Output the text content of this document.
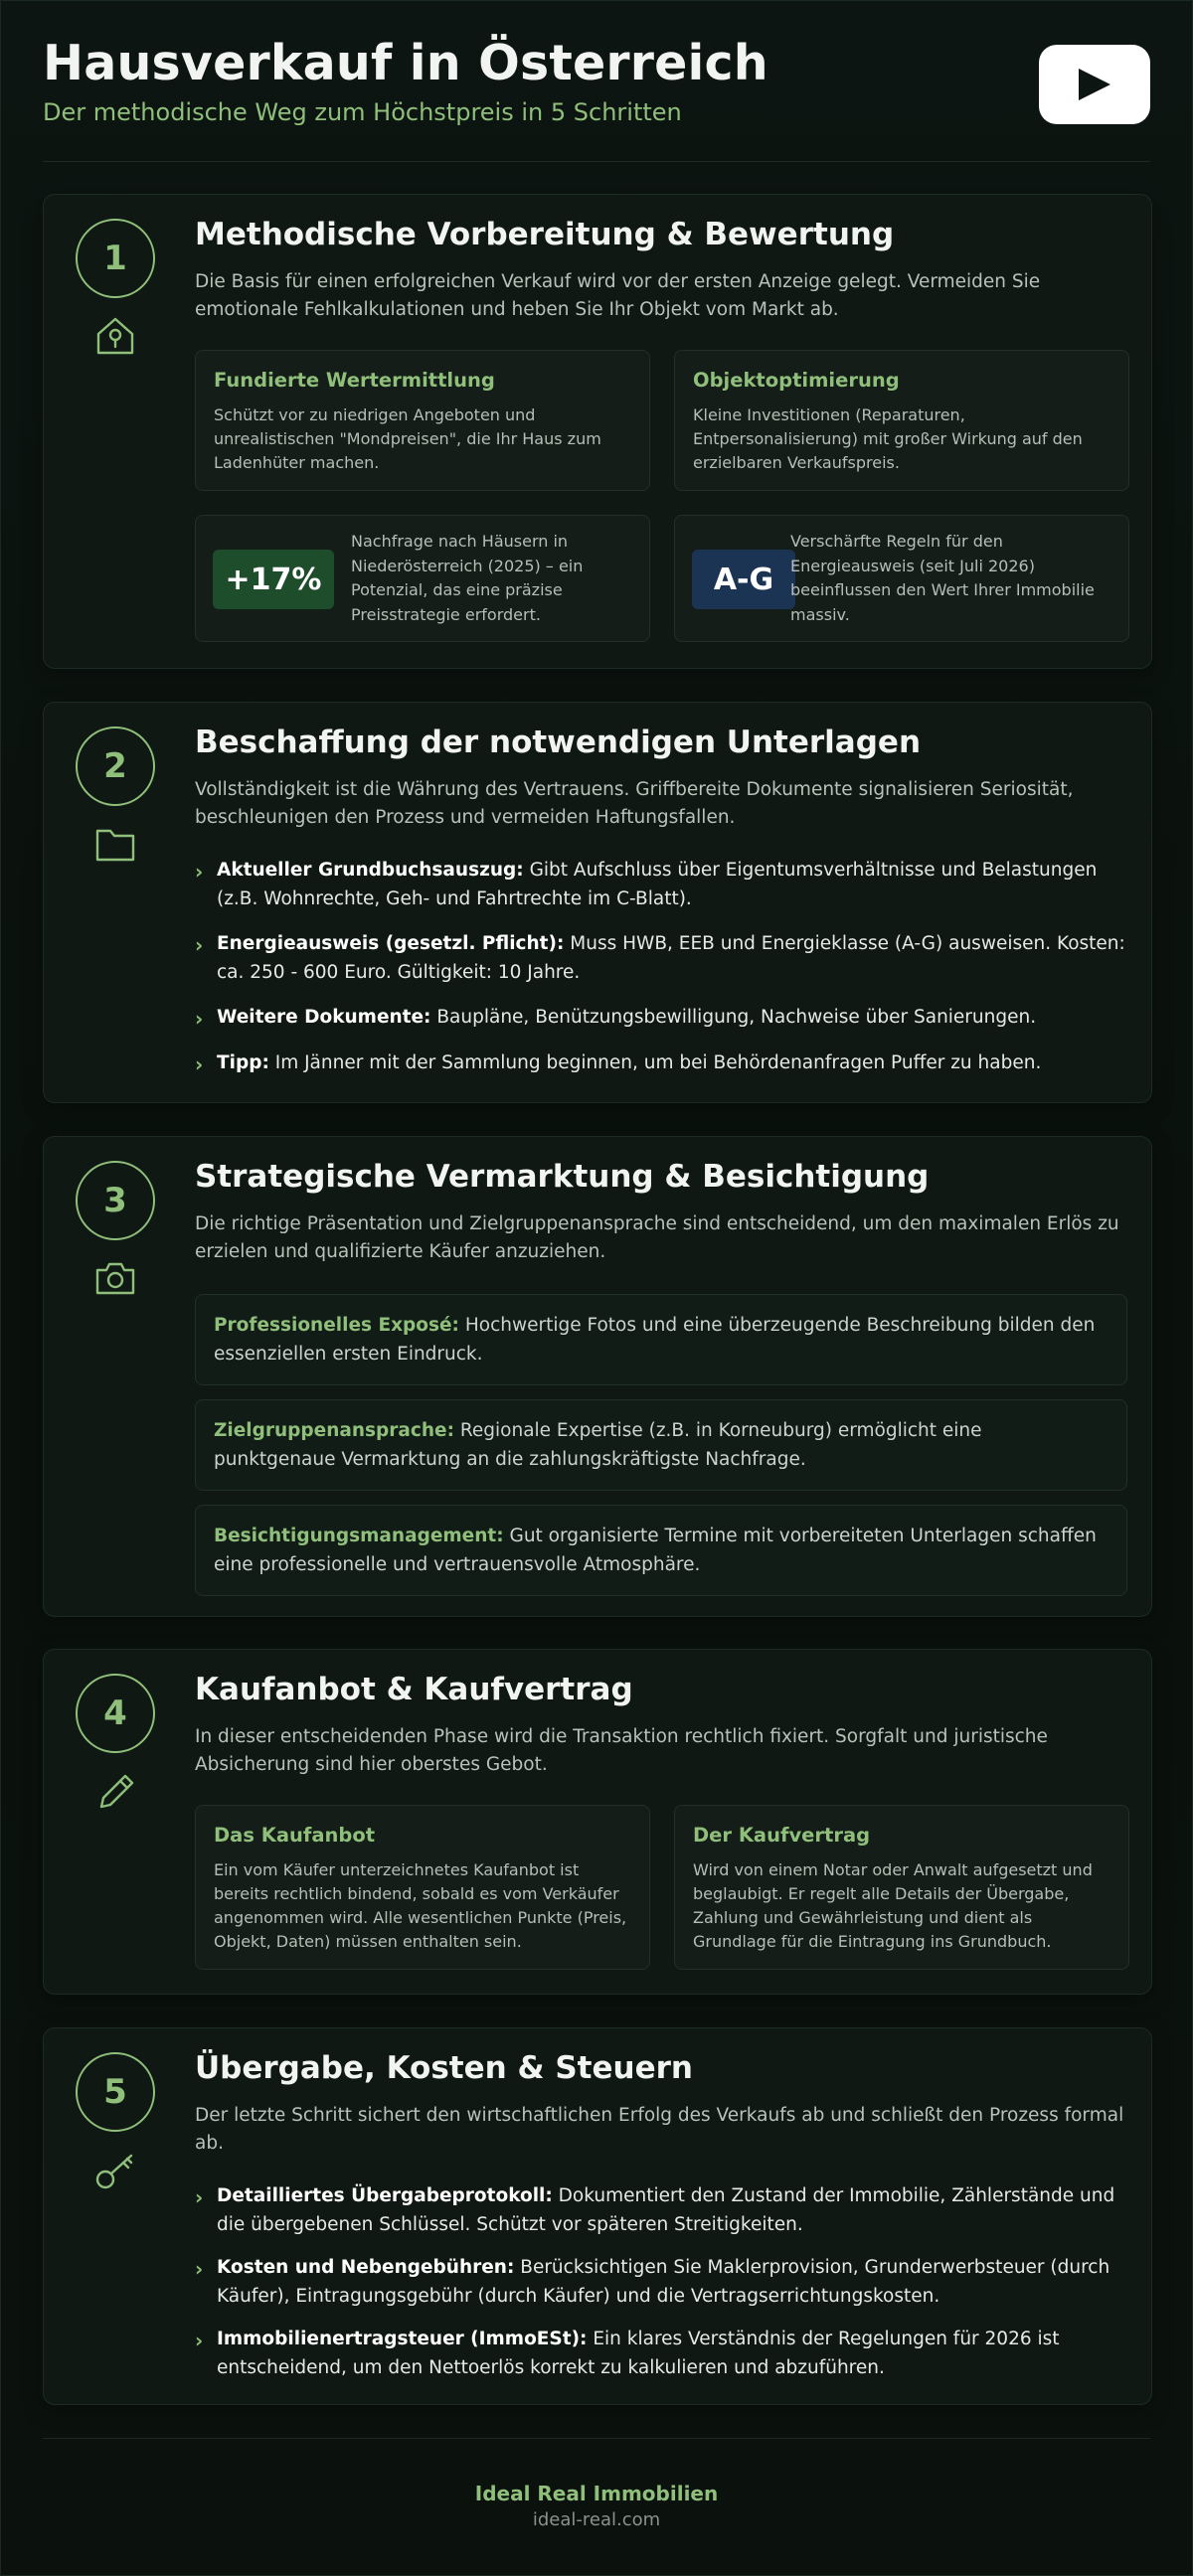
Hausverkauf in Österreich
Der methodische Weg zum Höchstpreis in 5 Schritten
1
Methodische Vorbereitung & Bewertung
Die Basis für einen erfolgreichen Verkauf wird vor der ersten Anzeige gelegt. Vermeiden Sie emotionale Fehlkalkulationen und heben Sie Ihr Objekt vom Markt ab.
Fundierte Wertermittlung

Schützt vor zu niedrigen Angeboten und unrealistischen "Mondpreisen", die Ihr Haus zum Ladenhüter machen.

Objektoptimierung

Kleine Investitionen (Reparaturen, Entpersonalisierung) mit großer Wirkung auf den erzielbaren Verkaufspreis.

+17%
Nachfrage nach Häusern in Niederösterreich (2025) – ein Potenzial, das eine präzise Preisstrategie erfordert.
A-G
Verschärfte Regeln für den Energieausweis (seit Juli 2026) beeinflussen den Wert Ihrer Immobilie massiv.
2
Beschaffung der notwendigen Unterlagen
Vollständigkeit ist die Währung des Vertrauens. Griffbereite Dokumente signalisieren Seriosität, beschleunigen den Prozess und vermeiden Haftungsfallen.
› Aktueller Grundbuchsauszug: Gibt Aufschluss über Eigentumsverhältnisse und Belastungen (z.B. Wohnrechte, Geh- und Fahrtrechte im C-Blatt).
› Energieausweis (gesetzl. Pflicht): Muss HWB, EEB und Energieklasse (A-G) ausweisen. Kosten: ca. 250 - 600 Euro. Gültigkeit: 10 Jahre.
› Weitere Dokumente: Baupläne, Benützungsbewilligung, Nachweise über Sanierungen.
› Tipp: Im Jänner mit der Sammlung beginnen, um bei Behördenanfragen Puffer zu haben.
3
Strategische Vermarktung & Besichtigung
Die richtige Präsentation und Zielgruppenansprache sind entscheidend, um den maximalen Erlös zu erzielen und qualifizierte Käufer anzuziehen.
Professionelles Exposé: Hochwertige Fotos und eine überzeugende Beschreibung bilden den essenziellen ersten Eindruck.
Zielgruppenansprache: Regionale Expertise (z.B. in Korneuburg) ermöglicht eine punktgenaue Vermarktung an die zahlungskräftigste Nachfrage.
Besichtigungsmanagement: Gut organisierte Termine mit vorbereiteten Unterlagen schaffen eine professionelle und vertrauensvolle Atmosphäre.
4
Kaufanbot & Kaufvertrag
In dieser entscheidenden Phase wird die Transaktion rechtlich fixiert. Sorgfalt und juristische Absicherung sind hier oberstes Gebot.
Das Kaufanbot

Ein vom Käufer unterzeichnetes Kaufanbot ist bereits rechtlich bindend, sobald es vom Verkäufer angenommen wird. Alle wesentlichen Punkte (Preis, Objekt, Daten) müssen enthalten sein.

Der Kaufvertrag

Wird von einem Notar oder Anwalt aufgesetzt und beglaubigt. Er regelt alle Details der Übergabe, Zahlung und Gewährleistung und dient als Grundlage für die Eintragung ins Grundbuch.

5
Übergabe, Kosten & Steuern
Der letzte Schritt sichert den wirtschaftlichen Erfolg des Verkaufs ab und schließt den Prozess formal ab.
› Detailliertes Übergabeprotokoll: Dokumentiert den Zustand der Immobilie, Zählerstände und die übergebenen Schlüssel. Schützt vor späteren Streitigkeiten.
› Kosten und Nebengebühren: Berücksichtigen Sie Maklerprovision, Grunderwerbsteuer (durch Käufer), Eintragungsgebühr (durch Käufer) und die Vertragserrichtungskosten.
› Immobilienertragsteuer (ImmoESt): Ein klares Verständnis der Regelungen für 2026 ist entscheidend, um den Nettoerlös korrekt zu kalkulieren und abzuführen.
Ideal Real Immobilien
ideal-real.com
